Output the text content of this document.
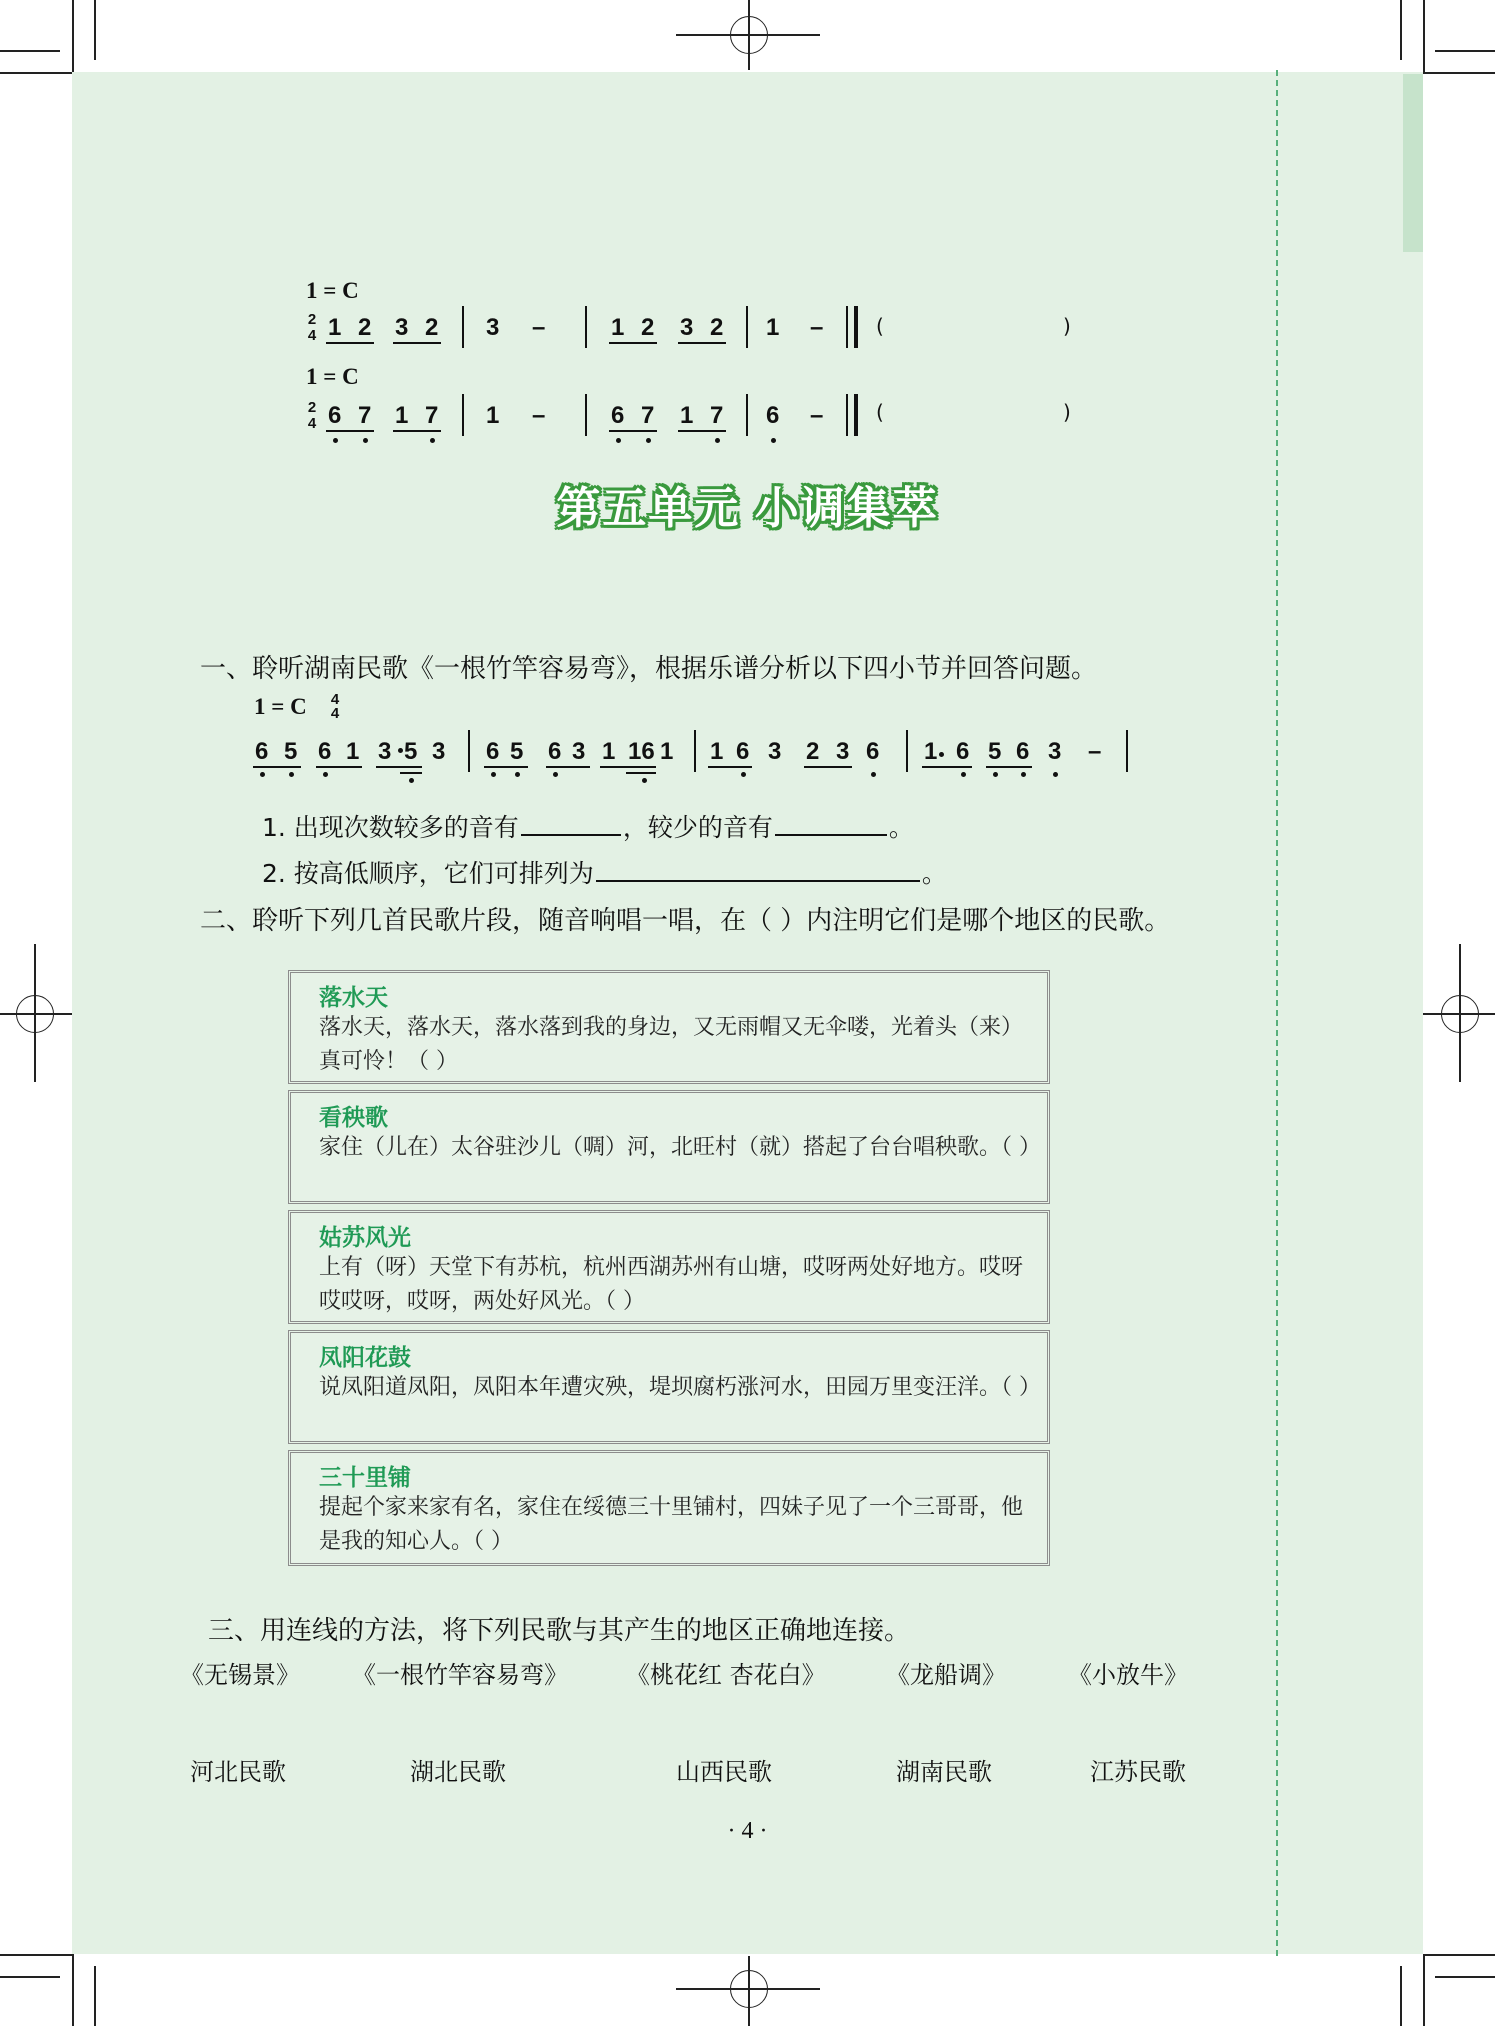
1 = C
2
4 1 2 3 2 3 –	1 2 3 2 1 –	(	)
1 = C
2
4 6 7 1 7 1 –	6 7 1 7 6 –	(	)
第五单元 小调集萃
一、聆听湖南民歌《一根竹竿容易弯》，根据乐谱分析以下四小节并回答问题。
1 = C 4
4
6 5 6 1 3 5 3 6 5 6 3 1 16 1 1 6 3 2 3 6 1 6 5 6 3 –
1. 出现次数较多的音有	，较少的音有	。
2. 按高低顺序，它们可排列为	。
二、聆听下列几首民歌片段，随音响唱一唱，在（ ）内注明它们是哪个地区的民歌。
落水天
落水天，落水天，落水落到我的身边，又无雨帽又无伞喽，光着头（来）真可怜！（ ）
看秧歌
家住（儿在）太谷驻沙儿（啁）河，北旺村（就）搭起了台台唱秧歌。（ ）
姑苏风光
上有（呀）天堂下有苏杭，杭州西湖苏州有山塘，哎呀两处好地方。哎呀哎哎呀，哎呀，两处好风光。（ ）
凤阳花鼓
说凤阳道凤阳，凤阳本年遭灾殃，堤坝腐朽涨河水，田园万里变汪洋。（ ）
三十里铺
提起个家来家有名，家住在绥德三十里铺村，四妹子见了一个三哥哥，他是我的知心人。（ ）
三、用连线的方法，将下列民歌与其产生的地区正确地连接。
《无锡景》 《一根竹竿容易弯》 《桃花红 杏花白》	《龙船调》	《小放牛》
河北民歌	湖北民歌	山西民歌	湖南民歌	江苏民歌
· 4 ·
